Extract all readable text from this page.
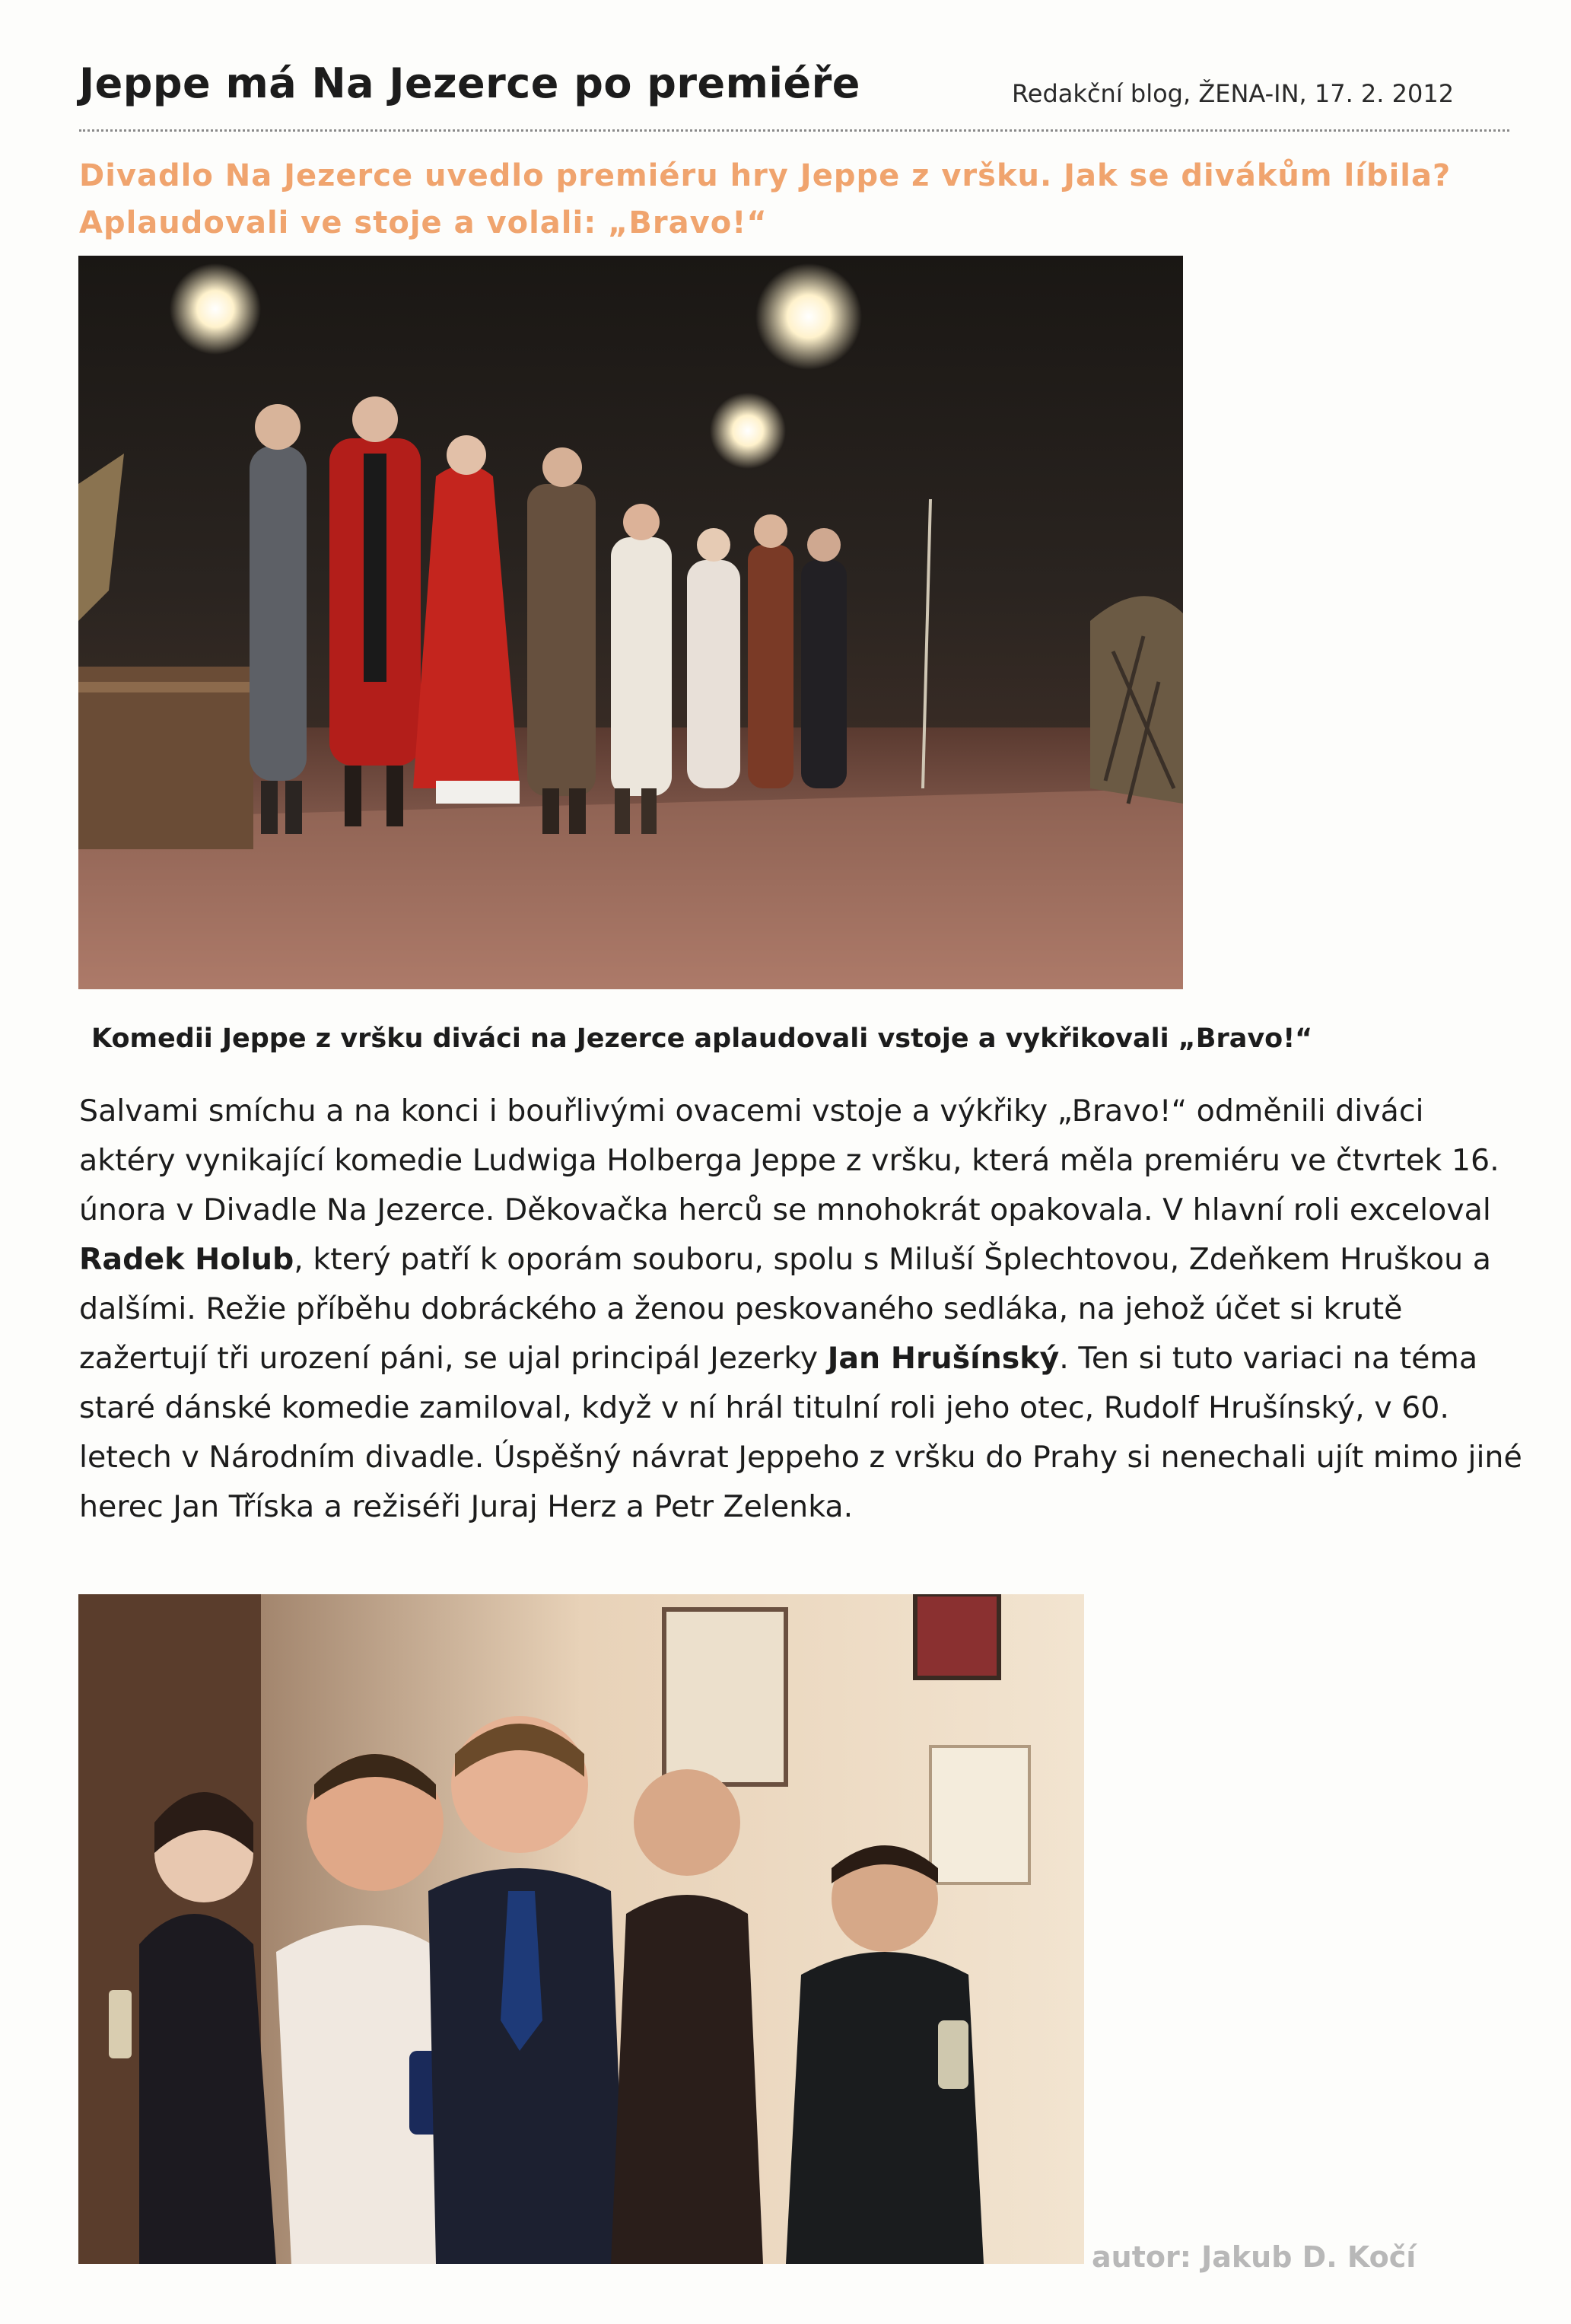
Jeppe má Na Jezerce po premiéře	Redakční blog, ŽENA-IN, 17. 2. 2012
Divadlo Na Jezerce uvedlo premiéru hry Jeppe z vršku. Jak se divákům líbila?
Aplaudovali ve stoje a volali: „Bravo!“
Komedii Jeppe z vršku diváci na Jezerce aplaudovali vstoje a vykřikovali „Bravo!“
Salvami smíchu a na konci i bouřlivými ovacemi vstoje a výkřiky „Bravo!“ odměnili diváci aktéry vynikající komedie Ludwiga Holberga Jeppe z vršku, která měla premiéru ve čtvrtek 16. února v Divadle Na Jezerce. Děkovačka herců se mnohokrát opakovala. V hlavní roli exceloval Radek Holub, který patří k oporám souboru, spolu s Miluší Šplechtovou, Zdeňkem Hruškou a dalšími. Režie příběhu dobráckého a ženou peskovaného sedláka, na jehož účet si krutě zažertují tři urození páni, se ujal principál Jezerky Jan Hrušínský. Ten si tuto variaci na téma staré dánské komedie zamiloval, když v ní hrál titulní roli jeho otec, Rudolf Hrušínský, v 60. letech v Národním divadle. Úspěšný návrat Jeppeho z vršku do Prahy si nenechali ujít mimo jiné herec Jan Tříska a režiséři Juraj Herz a Petr Zelenka.
autor: Jakub D. Kočí
